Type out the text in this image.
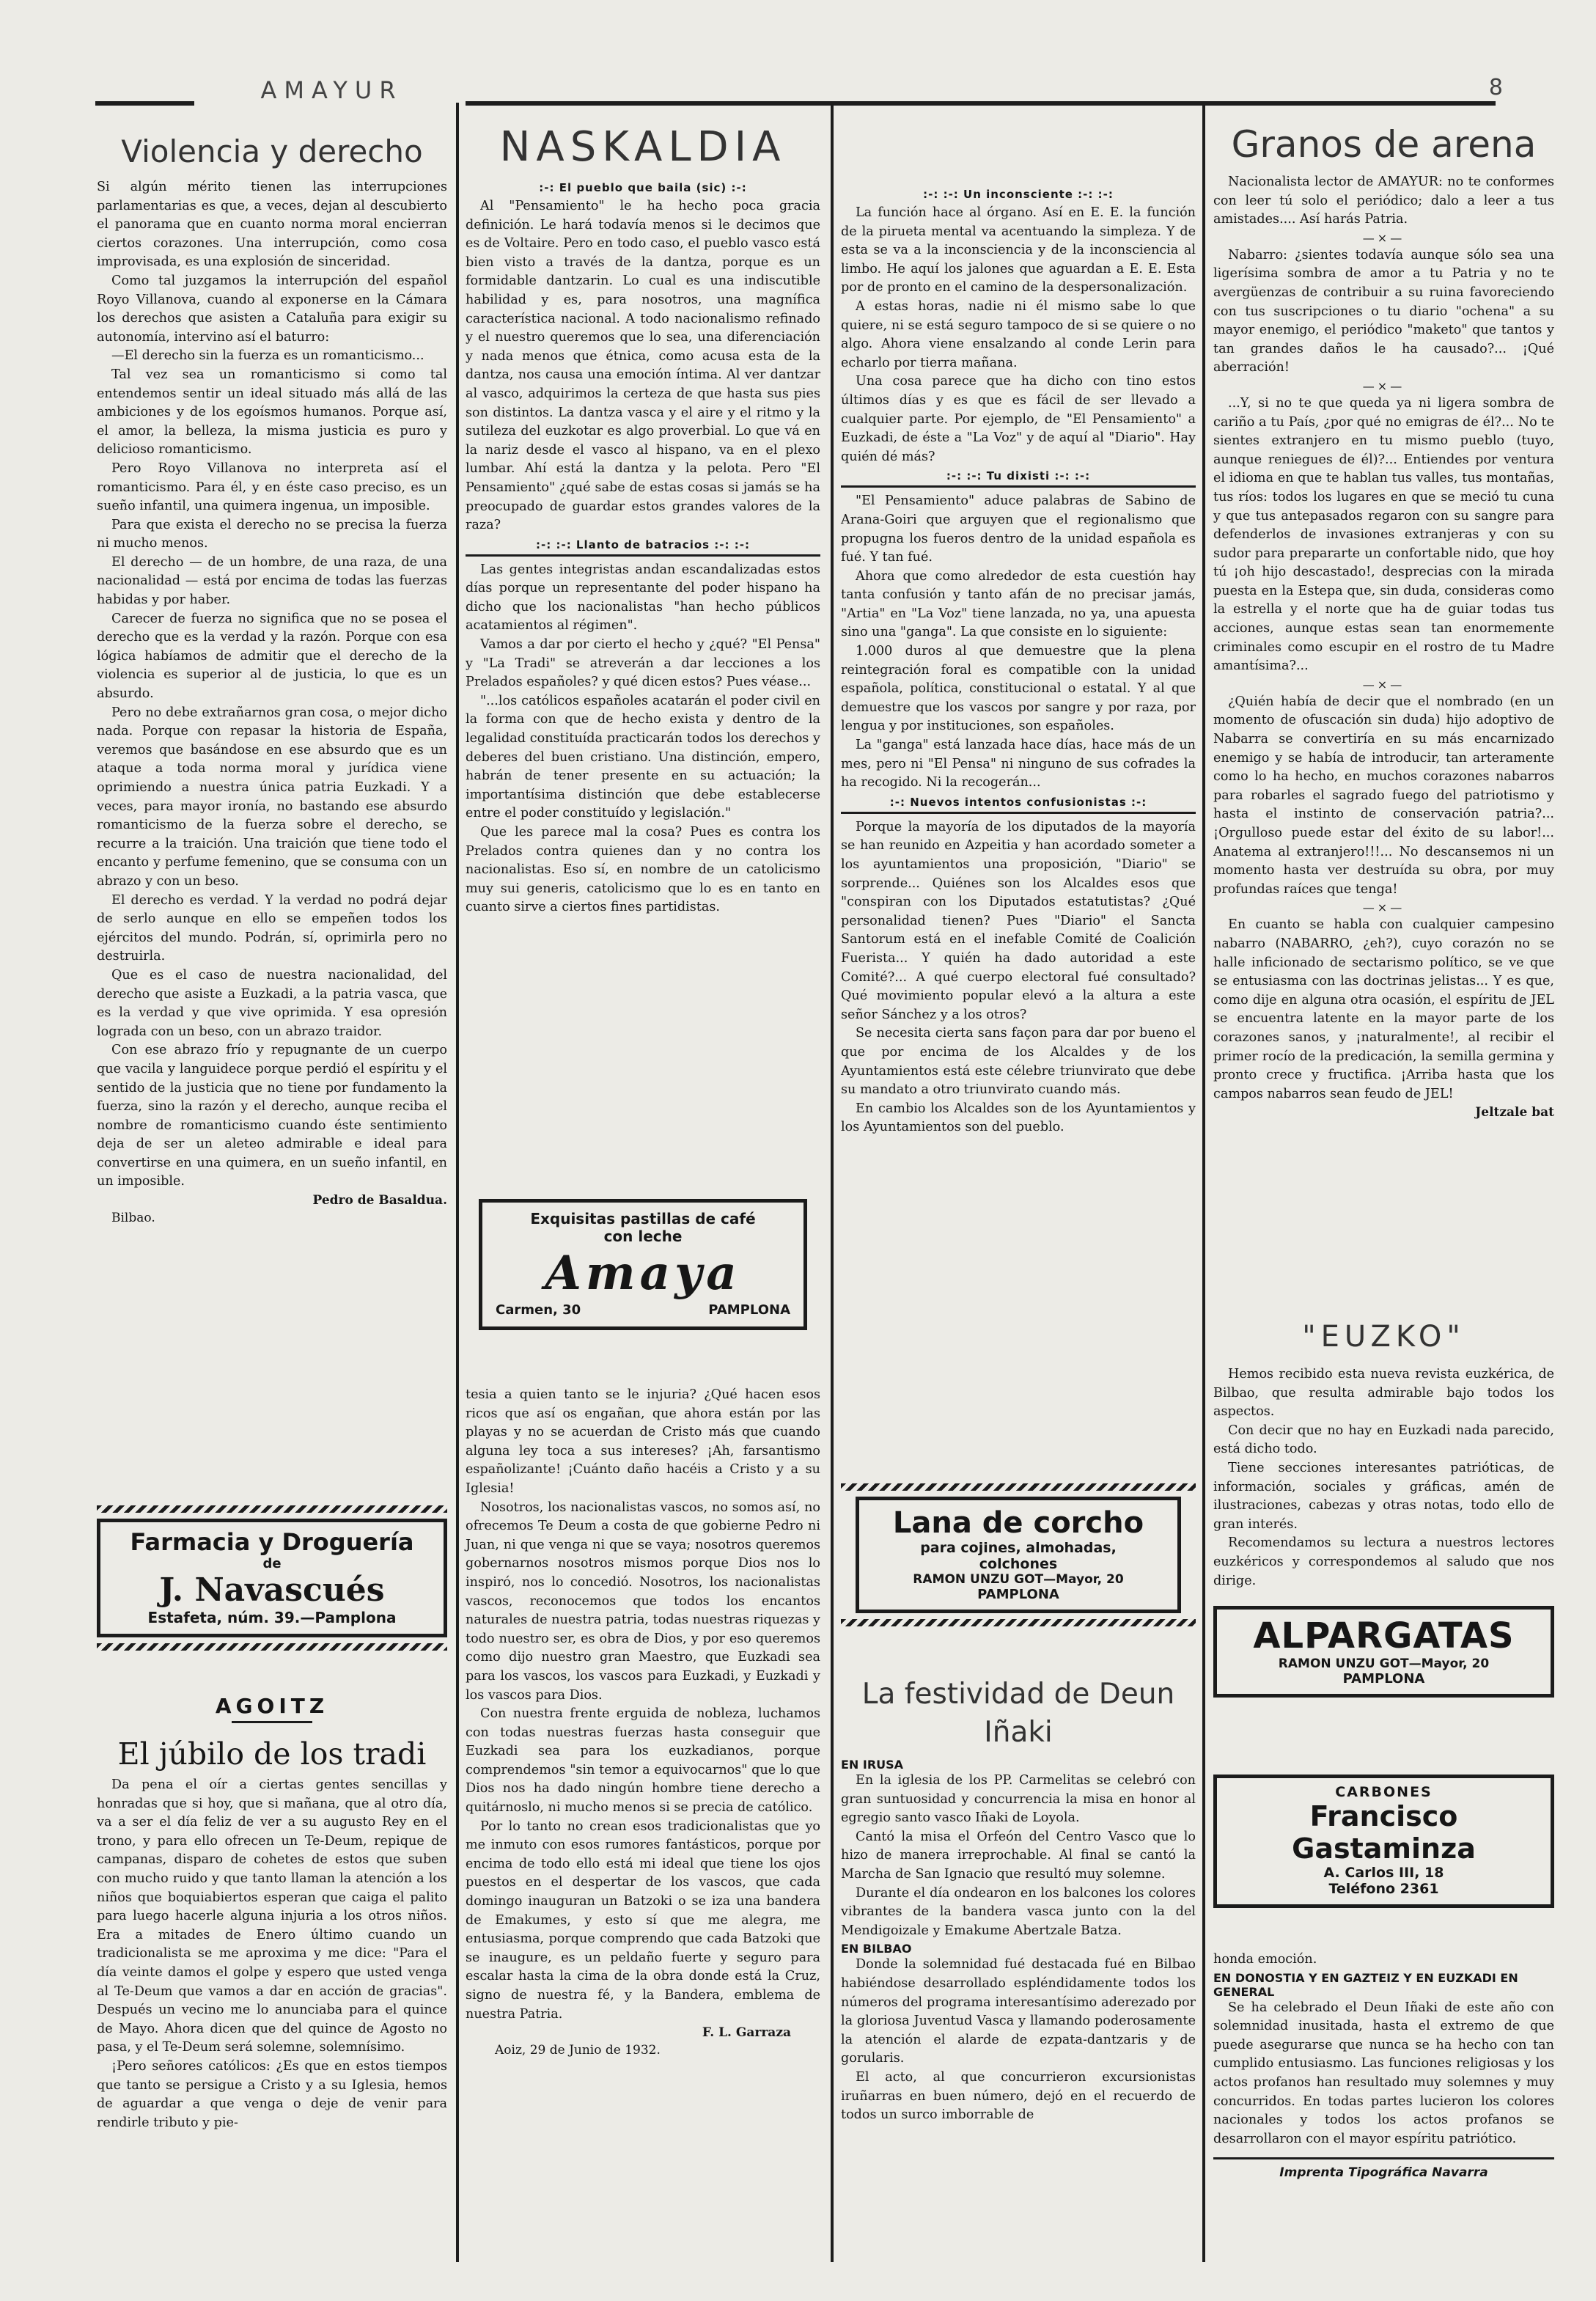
AMAYUR	8
Violencia y derecho

Si algún mérito tienen las interrupciones parlamentarias es que, a veces, dejan al descubierto el panorama que en cuanto norma moral encierran ciertos corazones. Una interrupción, como cosa improvisada, es una explosión de sinceridad.

Como tal juzgamos la interrupción del español Royo Villanova, cuando al exponerse en la Cámara los derechos que asisten a Cataluña para exigir su autonomía, intervino así el baturro:

—El derecho sin la fuerza es un romanticismo...

Tal vez sea un romanticismo si como tal entendemos sentir un ideal situado más allá de las ambiciones y de los egoísmos humanos. Porque así, el amor, la belleza, la misma justicia es puro y delicioso romanticismo.

Pero Royo Villanova no interpreta así el romanticismo. Para él, y en éste caso preciso, es un sueño infantil, una quimera ingenua, un imposible.

Para que exista el derecho no se precisa la fuerza ni mucho menos.

El derecho — de un hombre, de una raza, de una nacionalidad — está por encima de todas las fuerzas habidas y por haber.

Carecer de fuerza no significa que no se posea el derecho que es la verdad y la razón. Porque con esa lógica habíamos de admitir que el derecho de la violencia es superior al de justicia, lo que es un absurdo.

Pero no debe extrañarnos gran cosa, o mejor dicho nada. Porque con repasar la historia de España, veremos que basándose en ese absurdo que es un ataque a toda norma moral y jurídica viene oprimiendo a nuestra única patria Euzkadi. Y a veces, para mayor ironía, no bastando ese absurdo romanticismo de la fuerza sobre el derecho, se recurre a la traición. Una traición que tiene todo el encanto y perfume femenino, que se consuma con un abrazo y con un beso.

El derecho es verdad. Y la verdad no podrá dejar de serlo aunque en ello se empeñen todos los ejércitos del mundo. Podrán, sí, oprimirla pero no destruirla.

Que es el caso de nuestra nacionalidad, del derecho que asiste a Euzkadi, a la patria vasca, que es la verdad y que vive oprimida. Y esa opresión lograda con un beso, con un abrazo traidor.

Con ese abrazo frío y repugnante de un cuerpo que vacila y languidece porque perdió el espíritu y el sentido de la justicia que no tiene por fundamento la fuerza, sino la razón y el derecho, aunque reciba el nombre de romanticismo cuando éste sentimiento deja de ser un aleteo admirable e ideal para convertirse en una quimera, en un sueño infantil, en un imposible.

Pedro de Basaldua.
Bilbao.
Farmacia y Droguería
de
J. Navascués
Estafeta, núm. 39.—Pamplona
AGOITZ
El júbilo de los tradi

Da pena el oír a ciertas gentes sencillas y honradas que si hoy, que si mañana, que al otro día, va a ser el día feliz de ver a su augusto Rey en el trono, y para ello ofrecen un Te-Deum, repique de campanas, disparo de cohetes de estos que suben con mucho ruido y que tanto llaman la atención a los niños que boquiabiertos esperan que caiga el palito para luego hacerle alguna injuria a los otros niños. Era a mitades de Enero último cuando un tradicionalista se me aproxima y me dice: "Para el día veinte damos el golpe y espero que usted venga al Te-Deum que vamos a dar en acción de gracias". Después un vecino me lo anunciaba para el quince de Mayo. Ahora dicen que del quince de Agosto no pasa, y el Te-Deum será solemne, solemnísimo.

¡Pero señores católicos: ¿Es que en estos tiempos que tanto se persigue a Cristo y a su Iglesia, hemos de aguardar a que venga o deje de venir para rendirle tributo y pie-

NASKALDIA
:-: El pueblo que baila (sic) :-:

Al "Pensamiento" le ha hecho poca gracia definición. Le hará todavía menos si le decimos que es de Voltaire. Pero en todo caso, el pueblo vasco está bien visto a través de la dantza, porque es un formidable dantzarin. Lo cual es una indiscutible habilidad y es, para nosotros, una magnífica característica nacional. A todo nacionalismo refinado y el nuestro queremos que lo sea, una diferenciación y nada menos que étnica, como acusa esta de la dantza, nos causa una emoción íntima. Al ver dantzar al vasco, adquirimos la certeza de que hasta sus pies son distintos. La dantza vasca y el aire y el ritmo y la sutileza del euzkotar es algo proverbial. Lo que vá en la nariz desde el vasco al hispano, va en el plexo lumbar. Ahí está la dantza y la pelota. Pero "El Pensamiento" ¿qué sabe de estas cosas si jamás se ha preocupado de guardar estos grandes valores de la raza?

:-: :-: Llanto de batracios :-: :-:

Las gentes integristas andan escandalizadas estos días porque un representante del poder hispano ha dicho que los nacionalistas "han hecho públicos acatamientos al régimen".

Vamos a dar por cierto el hecho y ¿qué? "El Pensa" y "La Tradi" se atreverán a dar lecciones a los Prelados españoles? y qué dicen estos? Pues véase...

"...los católicos españoles acatarán el poder civil en la forma con que de hecho exista y dentro de la legalidad constituída practicarán todos los derechos y deberes del buen cristiano. Una distinción, empero, habrán de tener presente en su actuación; la importantísima distinción que debe establecerse entre el poder constituído y legislación."

Que les parece mal la cosa? Pues es contra los Prelados contra quienes dan y no contra los nacionalistas. Eso sí, en nombre de un catolicismo muy sui generis, catolicismo que lo es en tanto en cuanto sirve a ciertos fines partidistas.

Exquisitas pastillas de café
con leche
Amaya
Carmen, 30	PAMPLONA

tesia a quien tanto se le injuria? ¿Qué hacen esos ricos que así os engañan, que ahora están por las playas y no se acuerdan de Cristo más que cuando alguna ley toca a sus intereses? ¡Ah, farsantismo españolizante! ¡Cuánto daño hacéis a Cristo y a su Iglesia!

Nosotros, los nacionalistas vascos, no somos así, no ofrecemos Te Deum a costa de que gobierne Pedro ni Juan, ni que venga ni que se vaya; nosotros queremos gobernarnos nosotros mismos porque Dios nos lo inspiró, nos lo concedió. Nosotros, los nacionalistas vascos, reconocemos que todos los encantos naturales de nuestra patria, todas nuestras riquezas y todo nuestro ser, es obra de Dios, y por eso queremos como dijo nuestro gran Maestro, que Euzkadi sea para los vascos, los vascos para Euzkadi, y Euzkadi y los vascos para Dios.

Con nuestra frente erguida de nobleza, luchamos con todas nuestras fuerzas hasta conseguir que Euzkadi sea para los euzkadianos, porque comprendemos "sin temor a equivocarnos" que lo que Dios nos ha dado ningún hombre tiene derecho a quitárnoslo, ni mucho menos si se precia de católico.

Por lo tanto no crean esos tradicionalistas que yo me inmuto con esos rumores fantásticos, porque por encima de todo ello está mi ideal que tiene los ojos puestos en el despertar de los vascos, que cada domingo inauguran un Batzoki o se iza una bandera de Emakumes, y esto sí que me alegra, me entusiasma, porque comprendo que cada Batzoki que se inaugure, es un peldaño fuerte y seguro para escalar hasta la cima de la obra donde está la Cruz, signo de nuestra fé, y la Bandera, emblema de nuestra Patria.

F. L. Garraza
Aoiz, 29 de Junio de 1932.
:-: :-: Un inconsciente :-: :-:

La función hace al órgano. Así en E. E. la función de la pirueta mental va acentuando la simpleza. Y de esta se va a la inconsciencia y de la inconsciencia al limbo. He aquí los jalones que aguardan a E. E. Esta por de pronto en el camino de la despersonalización.

A estas horas, nadie ni él mismo sabe lo que quiere, ni se está seguro tampoco de si se quiere o no algo. Ahora viene ensalzando al conde Lerin para echarlo por tierra mañana.

Una cosa parece que ha dicho con tino estos últimos días y es que es fácil de ser llevado a cualquier parte. Por ejemplo, de "El Pensamiento" a Euzkadi, de éste a "La Voz" y de aquí al "Diario". Hay quién dé más?

:-: :-: Tu dixisti :-: :-:

"El Pensamiento" aduce palabras de Sabino de Arana-Goiri que arguyen que el regionalismo que propugna los fueros dentro de la unidad española es fué. Y tan fué.

Ahora que como alrededor de esta cuestión hay tanta confusión y tanto afán de no precisar jamás, "Artia" en "La Voz" tiene lanzada, no ya, una apuesta sino una "ganga". La que consiste en lo siguiente:

1.000 duros al que demuestre que la plena reintegración foral es compatible con la unidad española, política, constitucional o estatal. Y al que demuestre que los vascos por sangre y por raza, por lengua y por instituciones, son españoles.

La "ganga" está lanzada hace días, hace más de un mes, pero ni "El Pensa" ni ninguno de sus cofrades la ha recogido. Ni la recogerán...

:-: Nuevos intentos confusionistas :-:

Porque la mayoría de los diputados de la mayoría se han reunido en Azpeitia y han acordado someter a los ayuntamientos una proposición, "Diario" se sorprende... Quiénes son los Alcaldes esos que "conspiran con los Diputados estatutistas? ¿Qué personalidad tienen? Pues "Diario" el Sancta Santorum está en el inefable Comité de Coalición Fuerista... Y quién ha dado autoridad a este Comité?... A qué cuerpo electoral fué consultado? Qué movimiento popular elevó a la altura a este señor Sánchez y a los otros?

Se necesita cierta sans façon para dar por bueno el que por encima de los Alcaldes y de los Ayuntamientos está este célebre triunvirato que debe su mandato a otro triunvirato cuando más.

En cambio los Alcaldes son de los Ayuntamientos y los Ayuntamientos son del pueblo.

Lana de corcho
para cojines, almohadas,
colchones
RAMON UNZU GOT—Mayor, 20
PAMPLONA
La festividad de Deun Iñaki
EN IRUSA

En la iglesia de los PP. Carmelitas se celebró con gran suntuosidad y concurrencia la misa en honor al egregio santo vasco Iñaki de Loyola.

Cantó la misa el Orfeón del Centro Vasco que lo hizo de manera irreprochable. Al final se cantó la Marcha de San Ignacio que resultó muy solemne.

Durante el día ondearon en los balcones los colores vibrantes de la bandera vasca junto con la del Mendigoizale y Emakume Abertzale Batza.

EN BILBAO

Donde la solemnidad fué destacada fué en Bilbao habiéndose desarrollado espléndidamente todos los números del programa interesantísimo aderezado por la gloriosa Juventud Vasca y llamando poderosamente la atención el alarde de ezpata-dantzaris y de gorularis.

El acto, al que concurrieron excursionistas iruñarras en buen número, dejó en el recuerdo de todos un surco imborrable de

Granos de arena

Nacionalista lector de AMAYUR: no te conformes con leer tú solo el periódico; dalo a leer a tus amistades.... Así harás Patria.

—×—

Nabarro: ¿sientes todavía aunque sólo sea una ligerísima sombra de amor a tu Patria y no te avergüenzas de contribuir a su ruina favoreciendo con tus suscripciones o tu diario "ochena" a su mayor enemigo, el periódico "maketo" que tantos y tan grandes daños le ha causado?... ¡Qué aberración!

—×—

...Y, si no te que queda ya ni ligera sombra de cariño a tu País, ¿por qué no emigras de él?... No te sientes extranjero en tu mismo pueblo (tuyo, aunque reniegues de él)?... Entiendes por ventura el idioma en que te hablan tus valles, tus montañas, tus ríos: todos los lugares en que se meció tu cuna y que tus antepasados regaron con su sangre para defenderlos de invasiones extranjeras y con su sudor para prepararte un confortable nido, que hoy tú ¡oh hijo descastado!, desprecias con la mirada puesta en la Estepa que, sin duda, consideras como la estrella y el norte que ha de guiar todas tus acciones, aunque estas sean tan enormemente criminales como escupir en el rostro de tu Madre amantísima?...

—×—

¿Quién había de decir que el nombrado (en un momento de ofuscación sin duda) hijo adoptivo de Nabarra se convertiría en su más encarnizado enemigo y se había de introducir, tan arteramente como lo ha hecho, en muchos corazones nabarros para robarles el sagrado fuego del patriotismo y hasta el instinto de conservación patria?... ¡Orgulloso puede estar del éxito de su labor!... Anatema al extranjero!!!... No descansemos ni un momento hasta ver destruída su obra, por muy profundas raíces que tenga!

—×—

En cuanto se habla con cualquier campesino nabarro (NABARRO, ¿eh?), cuyo corazón no se halle inficionado de sectarismo político, se ve que se entusiasma con las doctrinas jelistas... Y es que, como dije en alguna otra ocasión, el espíritu de JEL se encuentra latente en la mayor parte de los corazones sanos, y ¡naturalmente!, al recibir el primer rocío de la predicación, la semilla germina y pronto crece y fructifica. ¡Arriba hasta que los campos nabarros sean feudo de JEL!

Jeltzale bat
"EUZKO"

Hemos recibido esta nueva revista euzkérica, de Bilbao, que resulta admirable bajo todos los aspectos.

Con decir que no hay en Euzkadi nada parecido, está dicho todo.

Tiene secciones interesantes patrióticas, de información, sociales y gráficas, amén de ilustraciones, cabezas y otras notas, todo ello de gran interés.

Recomendamos su lectura a nuestros lectores euzkéricos y correspondemos al saludo que nos dirige.

ALPARGATAS
RAMON UNZU GOT—Mayor, 20
PAMPLONA
CARBONES
Francisco Gastaminza
A. Carlos III, 18
Teléfono 2361

honda emoción.

EN DONOSTIA Y EN GAZTEIZ Y EN EUZKADI EN GENERAL

Se ha celebrado el Deun Iñaki de este año con solemnidad inusitada, hasta el extremo de que puede asegurarse que nunca se ha hecho con tan cumplido entusiasmo. Las funciones religiosas y los actos profanos han resultado muy solemnes y muy concurridos. En todas partes lucieron los colores nacionales y todos los actos profanos se desarrollaron con el mayor espíritu patriótico.

Imprenta Tipográfica Navarra
